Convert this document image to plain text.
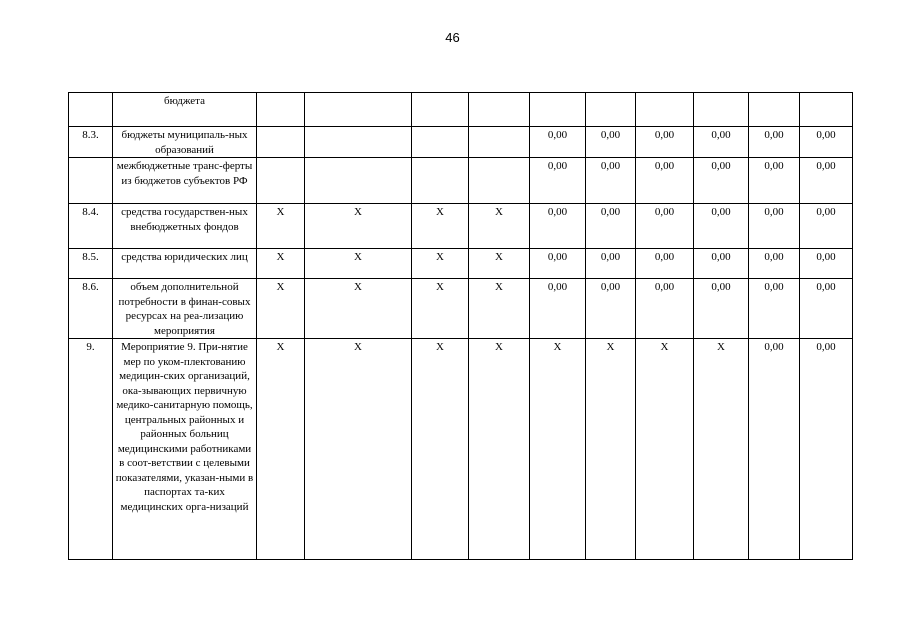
46
	бюджета										
8.3.	бюджеты муниципаль-ных образований					0,00	0,00	0,00	0,00	0,00	0,00
	межбюджетные транс-ферты из бюджетов субъектов РФ					0,00	0,00	0,00	0,00	0,00	0,00
8.4.	средства государствен-ных внебюджетных фондов	Х	Х	Х	Х	0,00	0,00	0,00	0,00	0,00	0,00
8.5.	средства юридических лиц	Х	Х	Х	Х	0,00	0,00	0,00	0,00	0,00	0,00
8.6.	объем дополнительной потребности в финан-совых ресурсах на реа-лизацию мероприятия	Х	Х	Х	Х	0,00	0,00	0,00	0,00	0,00	0,00
9.	Мероприятие 9. При-нятие мер по уком-плектованию медицин-ских организаций, ока-зывающих первичную медико-санитарную помощь, центральных районных и районных больниц медицинскими работниками в соот-ветствии с целевыми показателями, указан-ными в паспортах та-ких медицинских орга-низаций	Х	Х	Х	Х	Х	Х	Х	Х	0,00	0,00
